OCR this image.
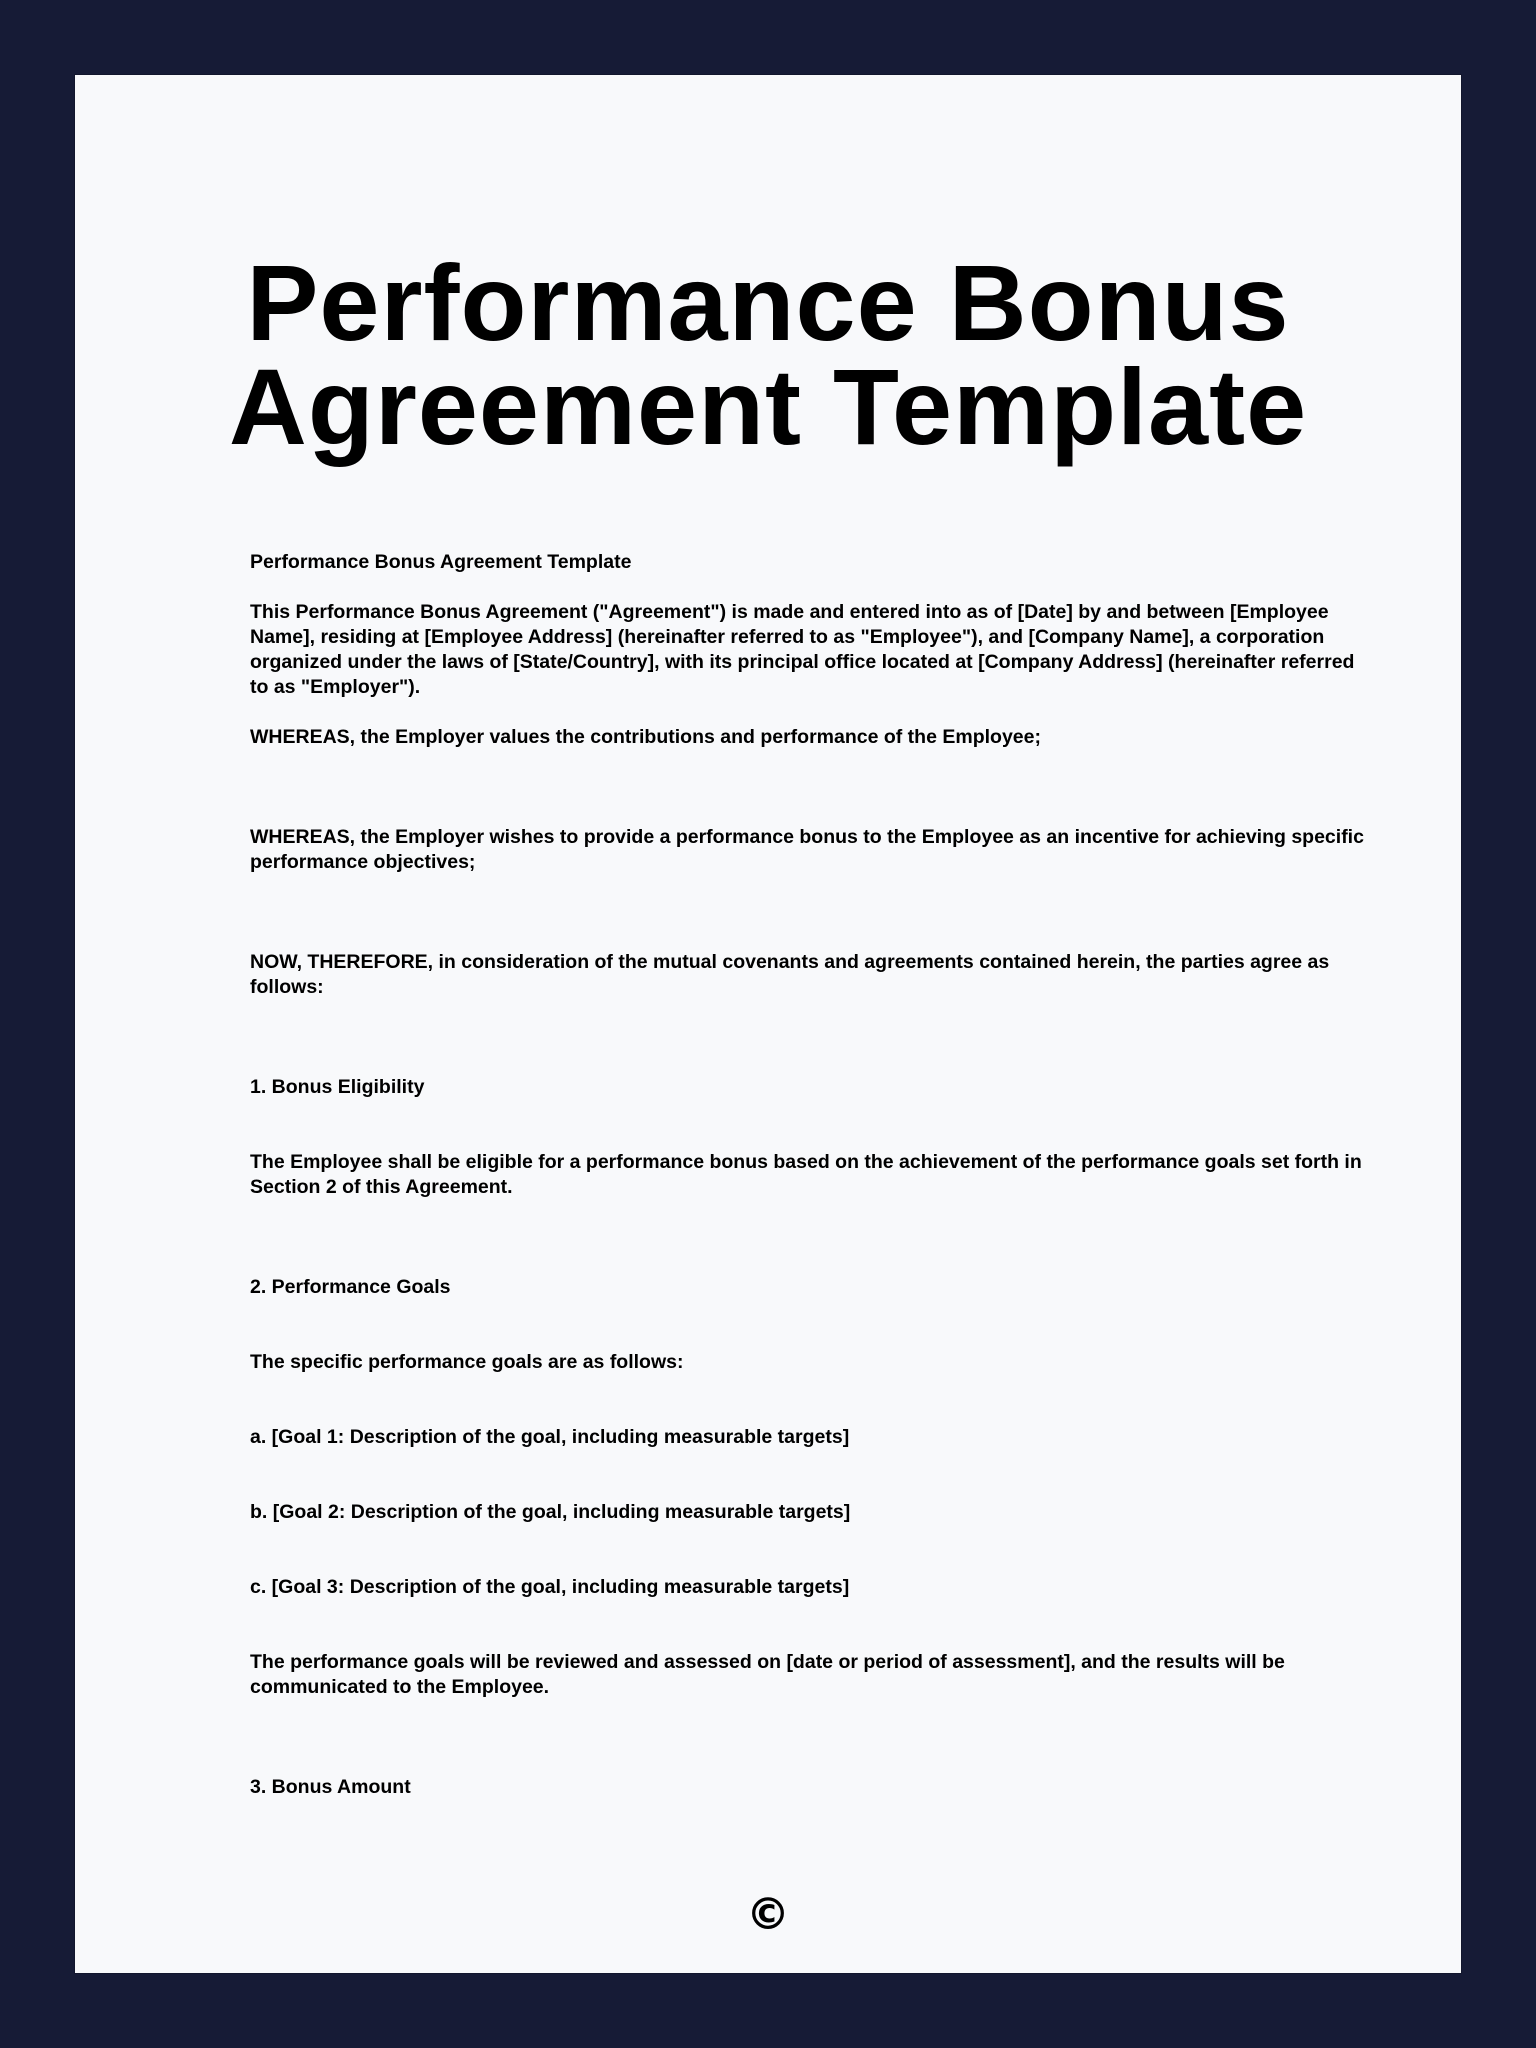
Performance Bonus Agreement Template

Performance Bonus Agreement Template

This Performance Bonus Agreement ("Agreement") is made and entered into as of [Date] by and between [Employee Name], residing at [Employee Address] (hereinafter referred to as "Employee"), and [Company Name], a corporation organized under the laws of [State/Country], with its principal office located at [Company Address] (hereinafter referred to as "Employer").

WHEREAS, the Employer values the contributions and performance of the Employee;

WHEREAS, the Employer wishes to provide a performance bonus to the Employee as an incentive for achieving specific performance objectives;

NOW, THEREFORE, in consideration of the mutual covenants and agreements contained herein, the parties agree as follows:

1. Bonus Eligibility

The Employee shall be eligible for a performance bonus based on the achievement of the performance goals set forth in Section 2 of this Agreement.

2. Performance Goals

The specific performance goals are as follows:

a. [Goal 1: Description of the goal, including measurable targets]

b. [Goal 2: Description of the goal, including measurable targets]

c. [Goal 3: Description of the goal, including measurable targets]

The performance goals will be reviewed and assessed on [date or period of assessment], and the results will be communicated to the Employee.

3. Bonus Amount

©
